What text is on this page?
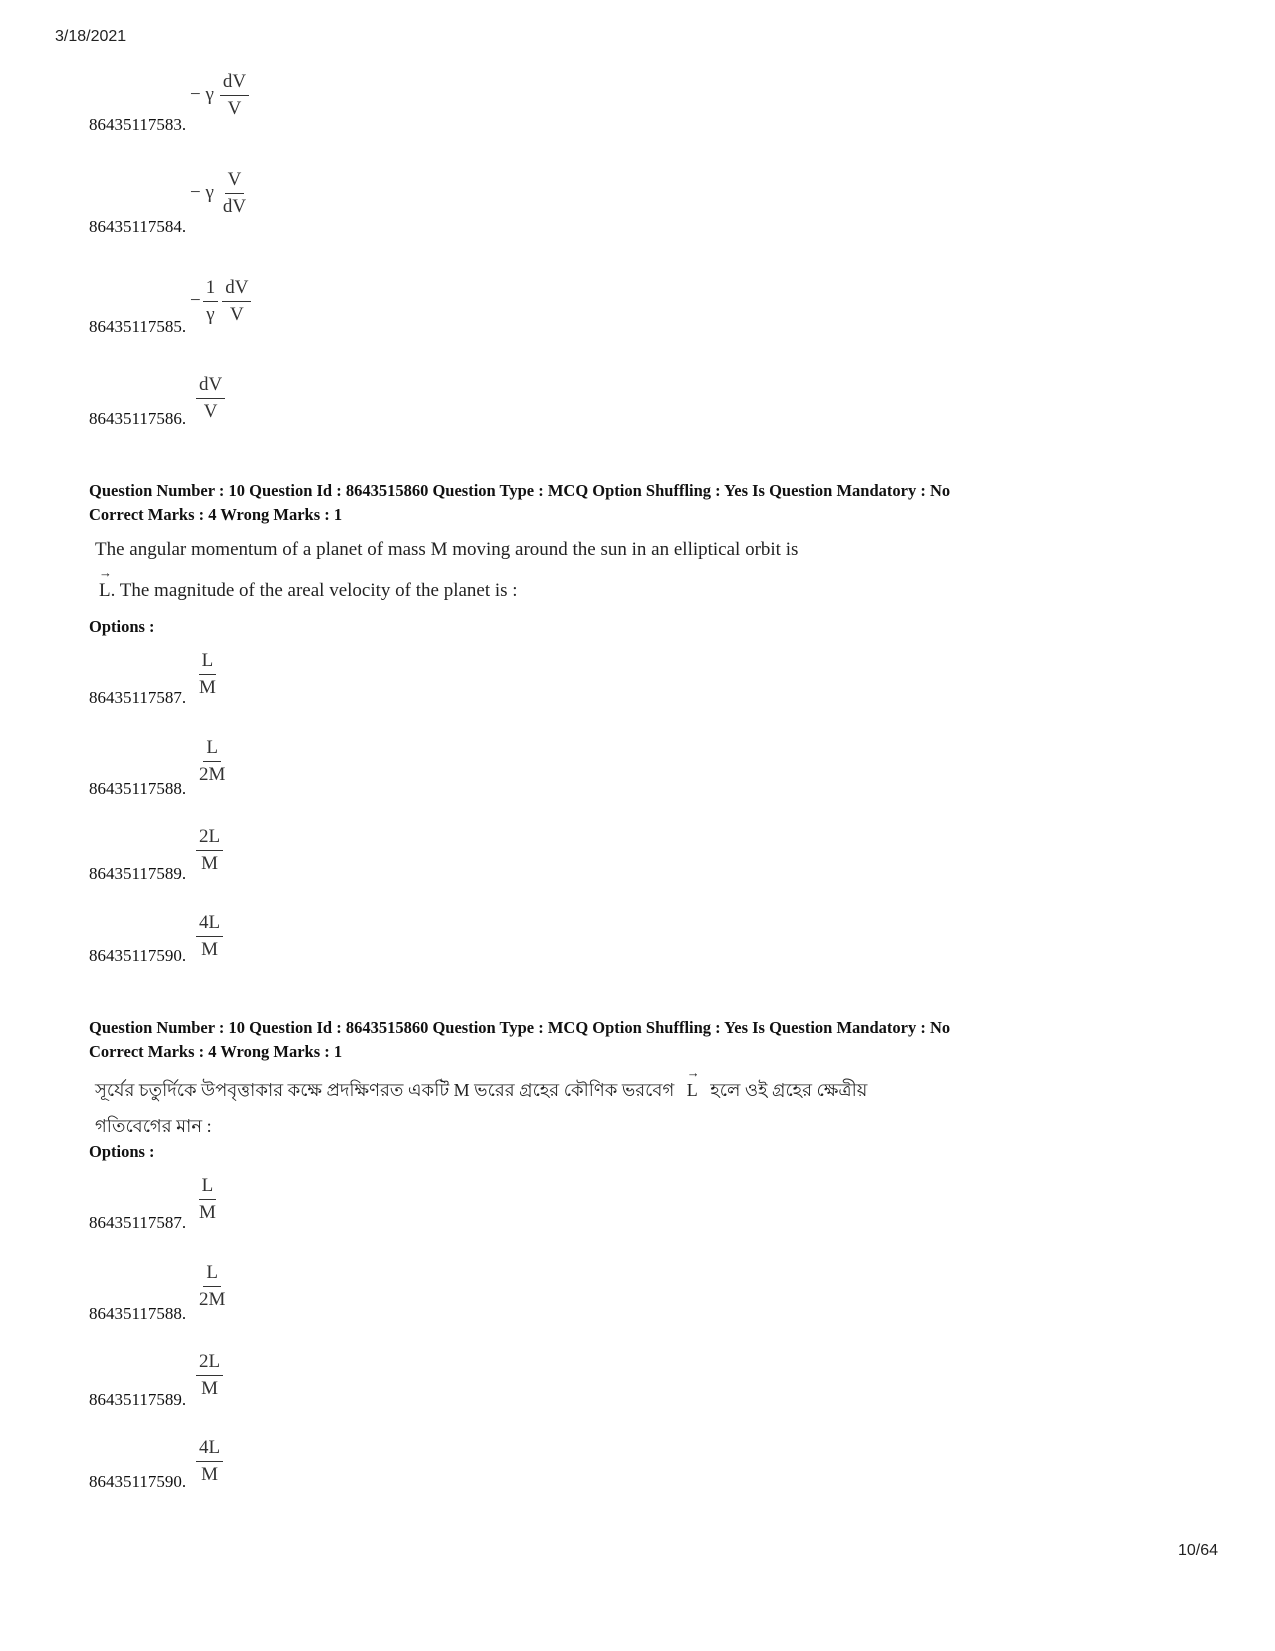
3/18/2021
− γ $\frac{dV}{V}$
86435117583.
− γ $\frac{V}{dV}$
86435117584.
− $\frac{1}{\gamma} \frac{dV}{V}$
86435117585.
$\frac{dV}{V}$
86435117586.
Question Number : 10 Question Id : 8643515860 Question Type : MCQ Option Shuffling : Yes Is Question Mandatory : No
Correct Marks : 4 Wrong Marks : 1
The angular momentum of a planet of mass M moving around the sun in an elliptical orbit is
→
L. The magnitude of the areal velocity of the planet is :
Options :
$\frac{L}{M}$
86435117587.
$\frac{L}{2M}$
86435117588.
$\frac{2L}{M}$
86435117589.
$\frac{4L}{M}$
86435117590.
Question Number : 10 Question Id : 8643515860 Question Type : MCQ Option Shuffling : Yes Is Question Mandatory : No
Correct Marks : 4 Wrong Marks : 1
সূর্যের চতুর্দিকে উপবৃত্তাকার কক্ষে প্রদক্ষিণরত একটি M ভরের গ্রহের কৌণিক ভরবেগ
→
L হলে ওই গ্রহের ক্ষেত্রীয়
গতিবেগের মান :
Options :
$\frac{L}{M}$
86435117587.
$\frac{L}{2M}$
86435117588.
$\frac{2L}{M}$
86435117589.
$\frac{4L}{M}$
86435117590.
10/64
